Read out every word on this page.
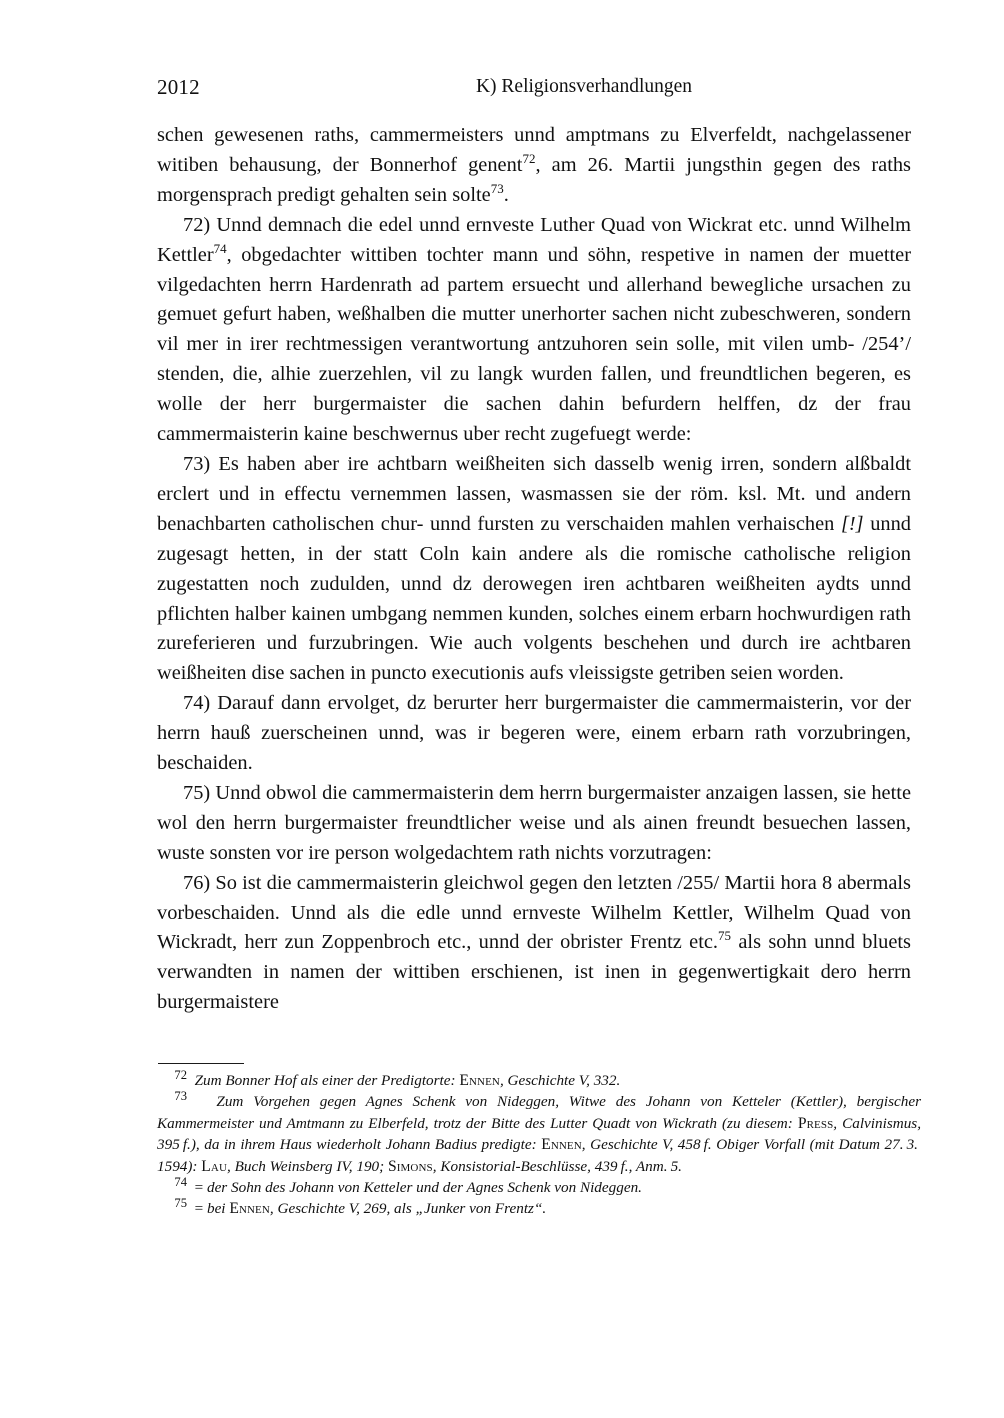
2012	K) Religionsverhandlungen

schen gewesenen raths, cammermeisters unnd amptmans zu Elverfeldt, nachgelassener witiben behausung, der Bonnerhof genent$^{72}$, am 26. Martii jungsthin gegen des raths morgensprach predigt gehalten sein solte$^{73}$.

72) Unnd demnach die edel unnd ernveste Luther Quad von Wickrat etc. unnd Wilhelm Kettler$^{74}$, obgedachter wittiben tochter mann und söhn, respetive in namen der muetter vilgedachten herrn Hardenrath ad partem ersuecht und allerhand bewegliche ursachen zu gemuet gefurt haben, weßhalben die mutter unerhorter sachen nicht zubeschweren, sondern vil mer in irer rechtmessigen verantwortung antzuhoren sein solle, mit vilen umb- /254’/ stenden, die, alhie zuerzehlen, vil zu langk wurden fallen, und freundtlichen begeren, es wolle der herr burgermaister die sachen dahin befurdern helffen, dz der frau cammermaisterin kaine beschwernus uber recht zugefuegt werde:

73) Es haben aber ire achtbarn weißheiten sich dasselb wenig irren, sondern alßbaldt erclert und in effectu vernemmen lassen, wasmassen sie der röm. ksl. Mt. und andern benachbarten catholischen chur- unnd fursten zu verschaiden mahlen verhaischen [!] unnd zugesagt hetten, in der statt Coln kain andere als die romische catholische religion zugestatten noch zudulden, unnd dz derowegen iren achtbaren weißheiten aydts unnd pflichten halber kainen umbgang nemmen kunden, solches einem erbarn hochwurdigen rath zureferieren und furzubringen. Wie auch volgents beschehen und durch ire achtbaren weißheiten dise sachen in puncto executionis aufs vleissigste getriben seien worden.

74) Darauf dann ervolget, dz berurter herr burgermaister die cammermaisterin, vor der herrn hauß zuerscheinen unnd, was ir begeren were, einem erbarn rath vorzubringen, beschaiden.

75) Unnd obwol die cammermaisterin dem herrn burgermaister anzaigen lassen, sie hette wol den herrn burgermaister freundtlicher weise und als ainen freundt besuechen lassen, wuste sonsten vor ire person wolgedachtem rath nichts vorzutragen:

76) So ist die cammermaisterin gleichwol gegen den letzten /255/ Martii hora 8 abermals vorbeschaiden. Unnd als die edle unnd ernveste Wilhelm Kettler, Wilhelm Quad von Wickradt, herr zun Zoppenbroch etc., unnd der obrister Frentz etc.$^{75}$ als sohn unnd bluets verwandten in namen der wittiben erschienen, ist inen in gegenwertigkait dero herrn burgermaistere

72  Zum Bonner Hof als einer der Predigtorte: Ennen, Geschichte V, 332.

73   Zum Vorgehen gegen Agnes Schenk von Nideggen, Witwe des Johann von Ketteler (Kettler), bergischer Kammermeister und Amtmann zu Elberfeld, trotz der Bitte des Lutter Quadt von Wickrath (zu diesem: Press, Calvinismus, 395 f.), da in ihrem Haus wiederholt Johann Badius predigte: Ennen, Geschichte V, 458 f. Obiger Vorfall (mit Datum 27. 3. 1594): Lau, Buch Weinsberg IV, 190; Simons, Konsistorial-Beschlüsse, 439 f., Anm. 5.

74 = der Sohn des Johann von Ketteler und der Agnes Schenk von Nideggen.

75 = bei Ennen, Geschichte V, 269, als „Junker von Frentz“.
